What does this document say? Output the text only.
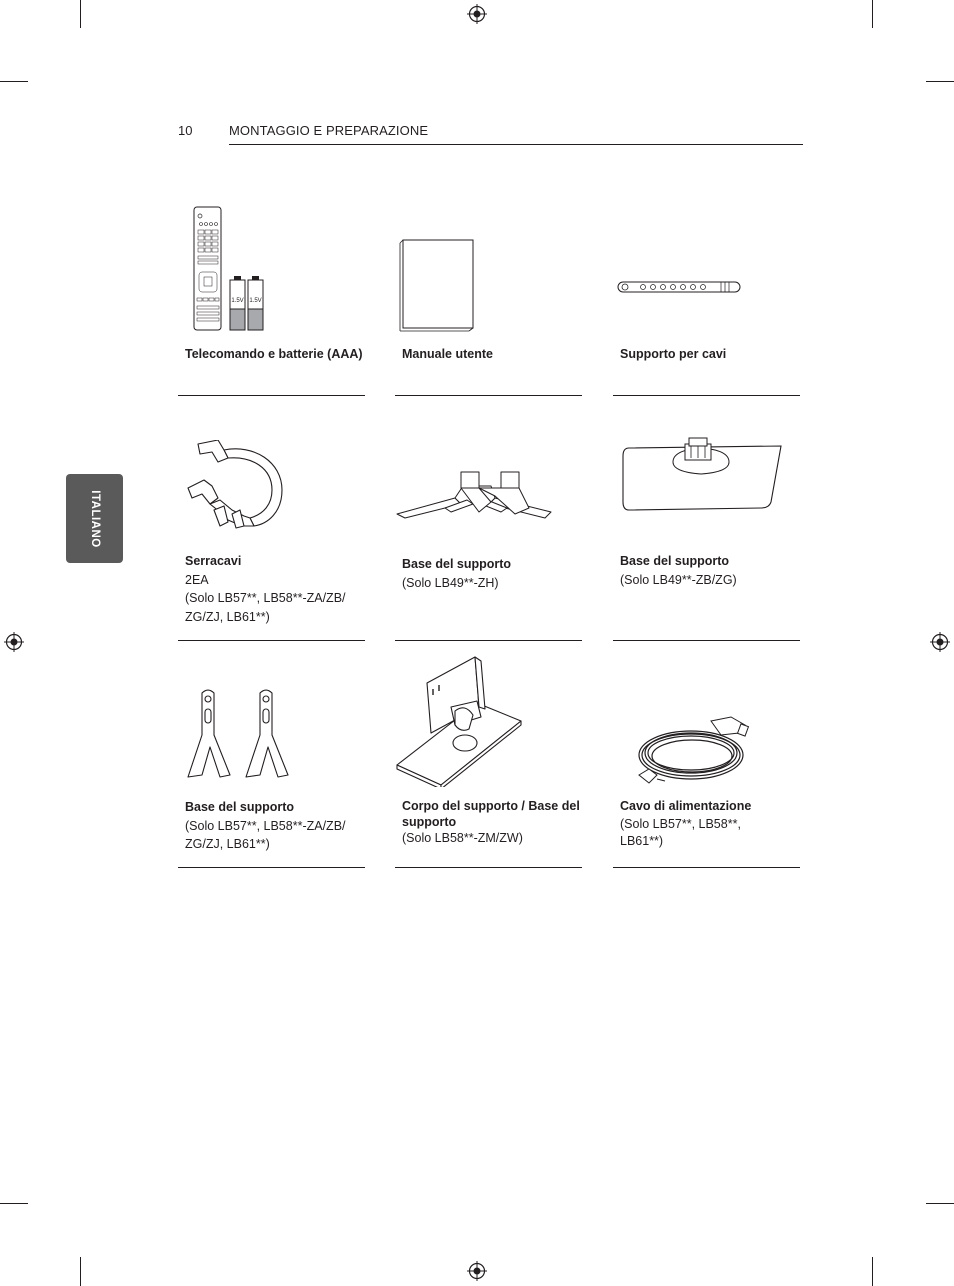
10	MONTAGGIO E PREPARAZIONE
ITALIANO
1.5V 1.5V
Telecomando e batterie (AAA)	Manuale utente	Supporto per cavi
Serracavi
2EA
(Solo LB57**, LB58**-ZA/ZB/
ZG/ZJ, LB61**)
Base del supporto
(Solo LB49**-ZH)
Base del supporto
(Solo LB49**-ZB/ZG)
Base del supporto
(Solo LB57**, LB58**-ZA/ZB/
ZG/ZJ, LB61**)
Corpo del supporto / Base del supporto
(Solo LB58**-ZM/ZW)
Cavo di alimentazione
(Solo LB57**, LB58**,
LB61**)
